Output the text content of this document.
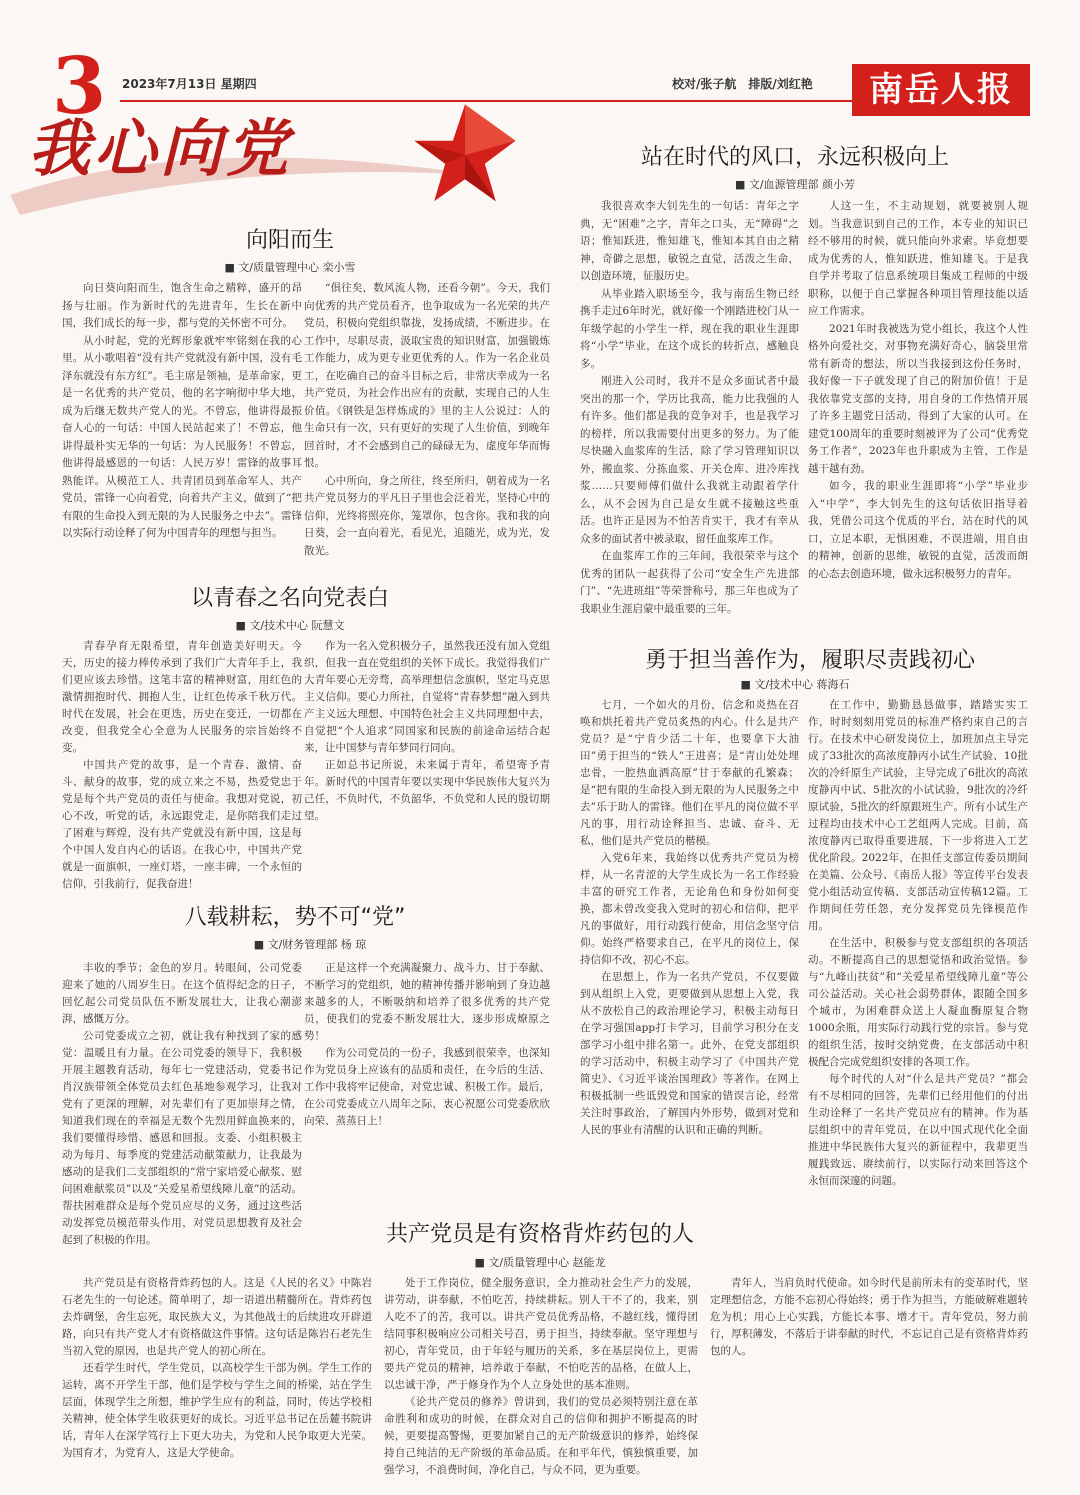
3 2023年7月13日 星期四	校对/张子航　排版/刘红艳	南岳人报
我心向党
向阳而生
■ 文/质量管理中心 栾小雪

向日葵向阳而生，饱含生命之精粹，盛开的昂扬与壮丽。作为新时代的先进青年，生长在新中国，我们成长的每一步，都与党的关怀密不可分。

从小时起，党的光辉形象就牢牢铭刻在我的心里。从小歌唱着“没有共产党就没有新中国，没有毛泽东就没有东方红”。毛主席是领袖，是革命家，更是一名优秀的共产党员，他的名字响彻中华大地，成为后继无数共产党人的光。不曾忘，他讲得最振奋人心的一句话：中国人民站起来了！不曾忘，他讲得最朴实无华的一句话：为人民服务！不曾忘，他讲得最感恩的一句话：人民万岁！雷锋的故事耳熟能详。从模范工人、共青团员到革命军人、共产党员，雷锋一心向着党，向着共产主义，做到了“把有限的生命投入到无限的为人民服务之中去”。雷锋以实际行动诠释了何为中国青年的理想与担当。

“俱往矣，数风流人物，还看今朝”。今天，我们向优秀的共产党员看齐，也争取成为一名光荣的共产党员，积极向党组织靠拢，发扬成绩，不断进步。在工作中，尽职尽责，汲取宝贵的知识财富，加强锻炼工作能力，成为更专业更优秀的人。作为一名企业员工，在吃确自己的奋斗目标之后，非常庆幸成为一名共产党员，为社会作出应有的贡献，实现自己的人生价值。《钢铁是怎样炼成的》里的主人公说过：人的生命只有一次，只有更好的实现了人生价值，到晚年回首时，才不会感到自己的碌碌无为，虚度年华而悔恨。

心中所向，身之所往，终至所归，朝着成为一名共产党员努力的平凡日子里也会泛着光，坚持心中的信仰，光终将照亮你，笼罩你，包含你。我和我的向日葵，会一直向着光，看见光，追随光，成为光，发散光。

站在时代的风口，永远积极向上
■ 文/血源管理部 颜小芳

我很喜欢李大钊先生的一句话：青年之字典，无“困难”之字，青年之口头，无“障碍”之语；惟知跃进，惟知雄飞，惟知本其自由之精神，奇僻之思想，敏锐之直觉，活泼之生命，以创造环境，征服历史。

从毕业踏入职场至今，我与南岳生物已经携手走过6年时光，就好像一个刚踏进校门从一年级学起的小学生一样，现在我的职业生涯即将“小学”毕业，在这个成长的转折点，感触良多。

刚进入公司时，我并不是众多面试者中最突出的那一个，学历比我高，能力比我强的人有许多。他们都是我的竞争对手，也是我学习的榜样，所以我需要付出更多的努力。为了能尽快融入血浆库的生活，除了学习管理知识以外，搬血浆、分拣血浆、开关仓库、进冷库找浆……只要师傅们做什么我就主动跟着学什么，从不会因为自己是女生就不接触这些重活。也许正是因为不怕苦肯实干，我才有幸从众多的面试者中被录取，留任血浆库工作。

在血浆库工作的三年间，我很荣幸与这个优秀的团队一起获得了公司“安全生产先进部门”、“先进班组”等荣誉称号，那三年也成为了我职业生涯启蒙中最重要的三年。

人这一生，不主动规划，就要被别人规划。当我意识到自己的工作，本专业的知识已经不够用的时候，就只能向外求索。毕竟想要成为优秀的人，惟知跃进，惟知雄飞。于是我自学并考取了信息系统项目集成工程师的中级职称，以便于自己掌握各种项目管理技能以适应工作需求。

2021年时我被选为党小组长，我这个人性格外向爱社交，对事物充满好奇心，脑袋里常常有新奇的想法，所以当我接到这份任务时，我好像一下子就发现了自己的附加价值！于是我依靠党支部的支持，用自身的工作热情开展了许多主题党日活动，得到了大家的认可。在建党100周年的重要时刻被评为了公司“优秀党务工作者”，2023年也升职成为主管，工作是越干越有劲。

如今，我的职业生涯即将“小学”毕业步入“中学”，李大钊先生的这句话依旧指导着我，凭借公司这个优质的平台，站在时代的风口，立足本职，无惧困难，不误进端，用自由的精神，创新的思维，敏锐的直觉，活泼而朗的心态去创造环境，做永远积极努力的青年。

以青春之名向党表白
■ 文/技术中心 阮慧文

青春孕育无限希望，青年创造美好明天。今天，历史的接力棒传承到了我们广大青年手上，我们更应该去珍惜。这笔丰富的精神财富，用红色的激情拥抱时代、拥抱人生，让红色传承千秋万代。时代在发展，社会在更迭，历史在变迁，一切都在改变，但我党全心全意为人民服务的宗旨始终不变。

中国共产党的故事，是一个青春、激情、奋斗、献身的故事，党的成立来之不易，热爱党忠于党是每个共产党员的责任与使命。我想对党说，初心不改，听党的话，永远跟党走，是你陪我们走过了困难与辉煌，没有共产党就没有新中国，这是每个中国人发自内心的话语。在我心中，中国共产党就是一面旗帜，一座灯塔，一座丰碑，一个永恒的信仰，引我前行，促我奋进！

作为一名入党积极分子，虽然我还没有加入党组织，但我一直在党组织的关怀下成长。我觉得我们广大青年要心无旁骛，高举理想信念旗帜，坚定马克思主义信仰。要心力所社，自觉将“青春梦想”融入到共产主义远大理想、中国特色社会主义共同理想中去，自觉把“个人追求”同国家和民族的前途命运结合起来，让中国梦与青年梦同行同向。

正如总书记所说，未来属于青年，希望寄予青年。新时代的中国青年要以实现中华民族伟大复兴为己任，不负时代，不负韶华，不负党和人民的殷切期望。

勇于担当善作为，履职尽责践初心
■ 文/技术中心 蒋海石

七月，一个如火的月份，信念和炎热在召唤和烘托着共产党员炙热的内心。什么是共产党员？是“宁肯少活二十年，也要拿下大油田”勇于担当的“铁人”王进喜；是“青山处处埋忠骨，一腔热血洒高原”甘于奉献的孔繁森；是“把有限的生命投入到无限的为人民服务之中去”乐于助人的雷锋。他们在平凡的岗位做不平凡的事，用行动诠释担当、忠诚、奋斗、无私，他们是共产党员的楷模。

入党6年来，我始终以优秀共产党员为榜样，从一名青涩的大学生成长为一名工作经验丰富的研究工作者，无论角色和身份如何变换，都未曾改变我入党时的初心和信仰，把平凡的事做好，用行动践行使命，用信念坚守信仰。始终严格要求自己，在平凡的岗位上，保持信仰不改，初心不忘。

在思想上，作为一名共产党员，不仅要做到从组织上入党，更要做到从思想上入党，我从不放松自己的政治理论学习，积极主动每日在学习强国app打卡学习，目前学习积分在支部学习小组中排名第一。此外，在党支部组织的学习活动中，积极主动学习了《中国共产党简史》、《习近平谈治国理政》等著作。在网上积极抵制一些诋毁党和国家的错误言论，经常关注时事政治，了解国内外形势，做到对党和人民的事业有清醒的认识和正确的判断。

在工作中，勤勤恳恳做事，踏踏实实工作，时时刻刻用党员的标准严格约束自己的言行。在技术中心研发岗位上，加班加点主导完成了33批次的高浓度静丙小试生产试验、10批次的冷纤原生产试验，主导完成了6批次的高浓度静丙中试、5批次的小试试验，9批次的冷纤原试验，5批次的纤原跟班生产。所有小试生产过程均由技术中心工艺组两人完成。目前，高浓度静丙已取得重要进展，下一步将进入工艺优化阶段。2022年，在担任支部宣传委员期间在美篇、公众号、《南岳人报》等宣传平台发表党小组活动宣传稿、支部活动宣传稿12篇。工作期间任劳任怨，充分发挥党员先锋模范作用。

在生活中，积极参与党支部组织的各项活动。不断提高自己的思想觉悟和政治觉悟。参与“九峰山扶贫”和“关爱星希望线障儿童”等公司公益活动。关心社会弱势群体，跟随全国多个城市，为困难群众送上人凝血酶原复合物1000余瓶，用实际行动践行党的宗旨。参与党的组织生活，按时交纳党费，在支部活动中积极配合完成党组织安排的各项工作。

每个时代的人对“什么是共产党员？”都会有不尽相同的回答，先辈们已经用他们的付出生动诠释了一名共产党员应有的精神。作为基层组织中的青年党员，在以中国式现代化全面推进中华民族伟大复兴的新征程中，我辈更当履践致远、赓续前行，以实际行动来回答这个永恒而深邃的问题。

八载耕耘，势不可“党”
■ 文/财务管理部 杨 琼

丰收的季节；金色的岁月。转眼间，公司党委迎来了她的八周岁生日。在这个值得纪念的日子，回忆起公司党员队伍不断发展壮大，让我心潮澎湃，感慨万分。

公司党委成立之初，就让我有种找到了家的感觉：温暖且有力量。在公司党委的领导下，我积极开展主题教育活动，每年七一党建活动，党委书记肖汉族带领全体党员去红色基地参观学习，让我对党有了更深的理解，对先辈们有了更加崇拜之情，知道我们现在的幸福是无数个先烈用鲜血换来的，我们要懂得珍惜、感恩和回报。支委、小组积极主动为每月、每季度的党建活动献策献力，让我最为感动的是我们二支部组织的“常宁家培爱心献浆、慰问困难献浆员”以及“关爱星希望线障儿童”的活动。帮扶困难群众是每个党员应尽的义务，通过这些活动发挥党员模范带头作用，对党员思想教育及社会起到了积极的作用。

正是这样一个充满凝聚力、战斗力、甘于奉献、不断学习的党组织，她的精神传播并影响到了身边越来越多的人，不断吸纳和培养了很多优秀的共产党员，使我们的党委不断发展壮大，逐步形成燎原之势！

作为公司党员的一份子，我感到很荣幸，也深知作为党员身上应该有的品质和责任，在今后的生活、工作中我将牢记使命，对党忠诚、积极工作。最后，在公司党委成立八周年之际，衷心祝愿公司党委欣欣向荣、蒸蒸日上！

共产党员是有资格背炸药包的人
■ 文/质量管理中心 赵能龙

共产党员是有资格背炸药包的人。这是《人民的名义》中陈岩石老先生的一句论述。简单明了，却一语道出精髓所在。背炸药包去炸碉堡，舍生忘死，取民族大义，为其他战士的后续进攻开辟道路，向只有共产党人才有资格做这件事情。这句话是陈岩石老先生当初入党的原因，也是共产党人的初心所在。

还看学生时代，学生党员，以高校学生干部为例。学生工作的运转，离不开学生干部，他们是学校与学生之间的桥梁，站在学生层面，体现学生之所想，维护学生应有的利益，同时，传达学校相关精神，使全体学生收获更好的成长。习近平总书记在岳麓书院讲话，青年人在深学笃行上下更大功夫，为党和人民争取更大光荣。为国育才，为党育人，这是大学使命。

处于工作岗位，健全服务意识，全力推动社会生产力的发展，讲劳动，讲奉献，不怕吃苦，持续耕耘。别人干不了的，我来，别人吃不了的苦，我可以。讲共产党员优秀品格，不越红线，懂得团结同事积极响应公司相关号召，勇于担当，持续奉献。坚守理想与初心，青年党员，由于年轻与履历的关系，多在基层岗位上，更需要共产党员的精神，培养敢于奉献，不怕吃苦的品格，在做人上，以忠诚干净，严于修身作为个人立身处世的基本准则。

《论共产党员的修养》曾讲到，我们的党员必须特别注意在革命胜利和成功的时候，在群众对自己的信仰和拥护不断提高的时候，更要提高警惕，更要加紧自己的无产阶级意识的修养，始终保持自己纯洁的无产阶级的革命品质。在和平年代，慎独慎重要，加强学习，不浪费时间，净化自己，与众不同，更为重要。

青年人，当肩负时代使命。如今时代是前所未有的变革时代，坚定理想信念，方能不忘初心得始终；勇于作为担当，方能破解难题转危为机；用心上心实践，方能长本事、增才干。青年党员，努力前行，厚积薄发，不落后于讲奉献的时代，不忘记自己是有资格背炸药包的人。
